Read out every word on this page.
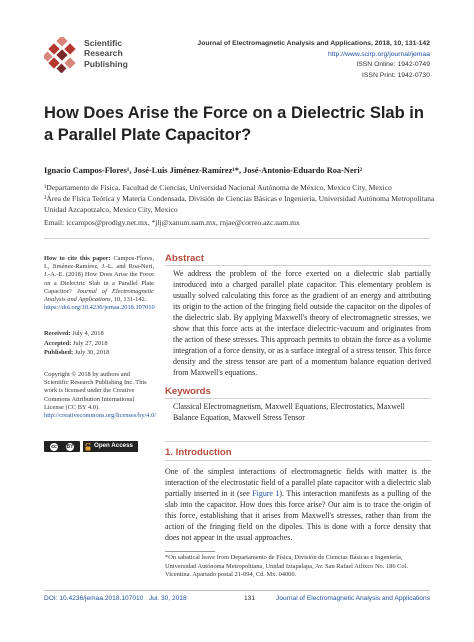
Scientific
Research
Publishing
Journal of Electromagnetic Analysis and Applications, 2018, 10, 131-142
http://www.scirp.org/journal/jemaa
ISSN Online: 1942-0749
ISSN Print: 1942-0730
How Does Arise the Force on a Dielectric Slab in
a Parallel Plate Capacitor?
Ignacio Campos-Flores¹, José-Luis Jiménez-Ramírez¹*, José-Antonio-Eduardo Roa-Neri²
¹Departamento de Física, Facultad de Ciencias, Universidad Nacional Autónoma de México, Mexico City, Mexico
²Área de Física Teórica y Materia Condensada, División de Ciencias Básicas e Ingeniería, Universidad Autónoma Metropolitana
Unidad Azcapotzalco, Mexico City, Mexico
Email: iccampos@prodigy.net.mx, *jlj@xanum.uam.mx, rnjae@correo.azc.uam.mx
How to cite this paper: Campos-Flores, I., Jiménez-Ramírez, J.-L. and Roa-Neri, J.-A.-E. (2018) How Does Arise the Force on a Dielectric Slab in a Parallel Plate Capacitor? Journal of Electromagnetic Analysis and Applications, 10, 131-142.
https://doi.org/10.4236/jemaa.2018.107010
Received: July 4, 2018
Accepted: July 27, 2018
Published: July 30, 2018
Copyright © 2018 by authors and Scientific Research Publishing Inc. This work is licensed under the Creative Commons Attribution International License (CC BY 4.0).
http://creativecommons.org/licenses/by/4.0/
cc BY	Open Access
Abstract
We address the problem of the force exerted on a dielectric slab partially introduced into a charged parallel plate capacitor. This elementary problem is usually solved calculating this force as the gradient of an energy and attributing its origin to the action of the fringing field outside the capacitor on the dipoles of the dielectric slab. By applying Maxwell's theory of electromagnetic stresses, we show that this force acts at the interface dielectric-vacuum and originates from the action of these stresses. This approach permits to obtain the force as a volume integration of a force density, or as a surface integral of a stress tensor. This force density and the stress tensor are part of a momentum balance equation derived from Maxwell's equations.
Keywords
Classical Electromagnetism, Maxwell Equations, Electrostatics, Maxwell Balance Equation, Maxwell Stress Tensor
1. Introduction
One of the simplest interactions of electromagnetic fields with matter is the interaction of the electrostatic field of a parallel plate capacitor with a dielectric slab partially inserted in it (see Figure 1). This interaction manifests as a pulling of the slab into the capacitor. How does this force arise? Our aim is to trace the origin of this force, establishing that it arises from Maxwell's stresses, rather than from the action of the fringing field on the dipoles. This is done with a force density that does not appear in the usual approaches.
*On sabatical leave from Departamento de Física, División de Ciencias Básicas e Ingeniería, Universidad Autónoma Metropolitana, Unidad Iztapalapa, Av. San Rafael Atlixco No. 186 Col. Vicentina. Apartado postal 21-094, Cd. Mx. 04000.
DOI: 10.4236/jemaa.2018.107010 Jul. 30, 2018	131	Journal of Electromagnetic Analysis and Applications
